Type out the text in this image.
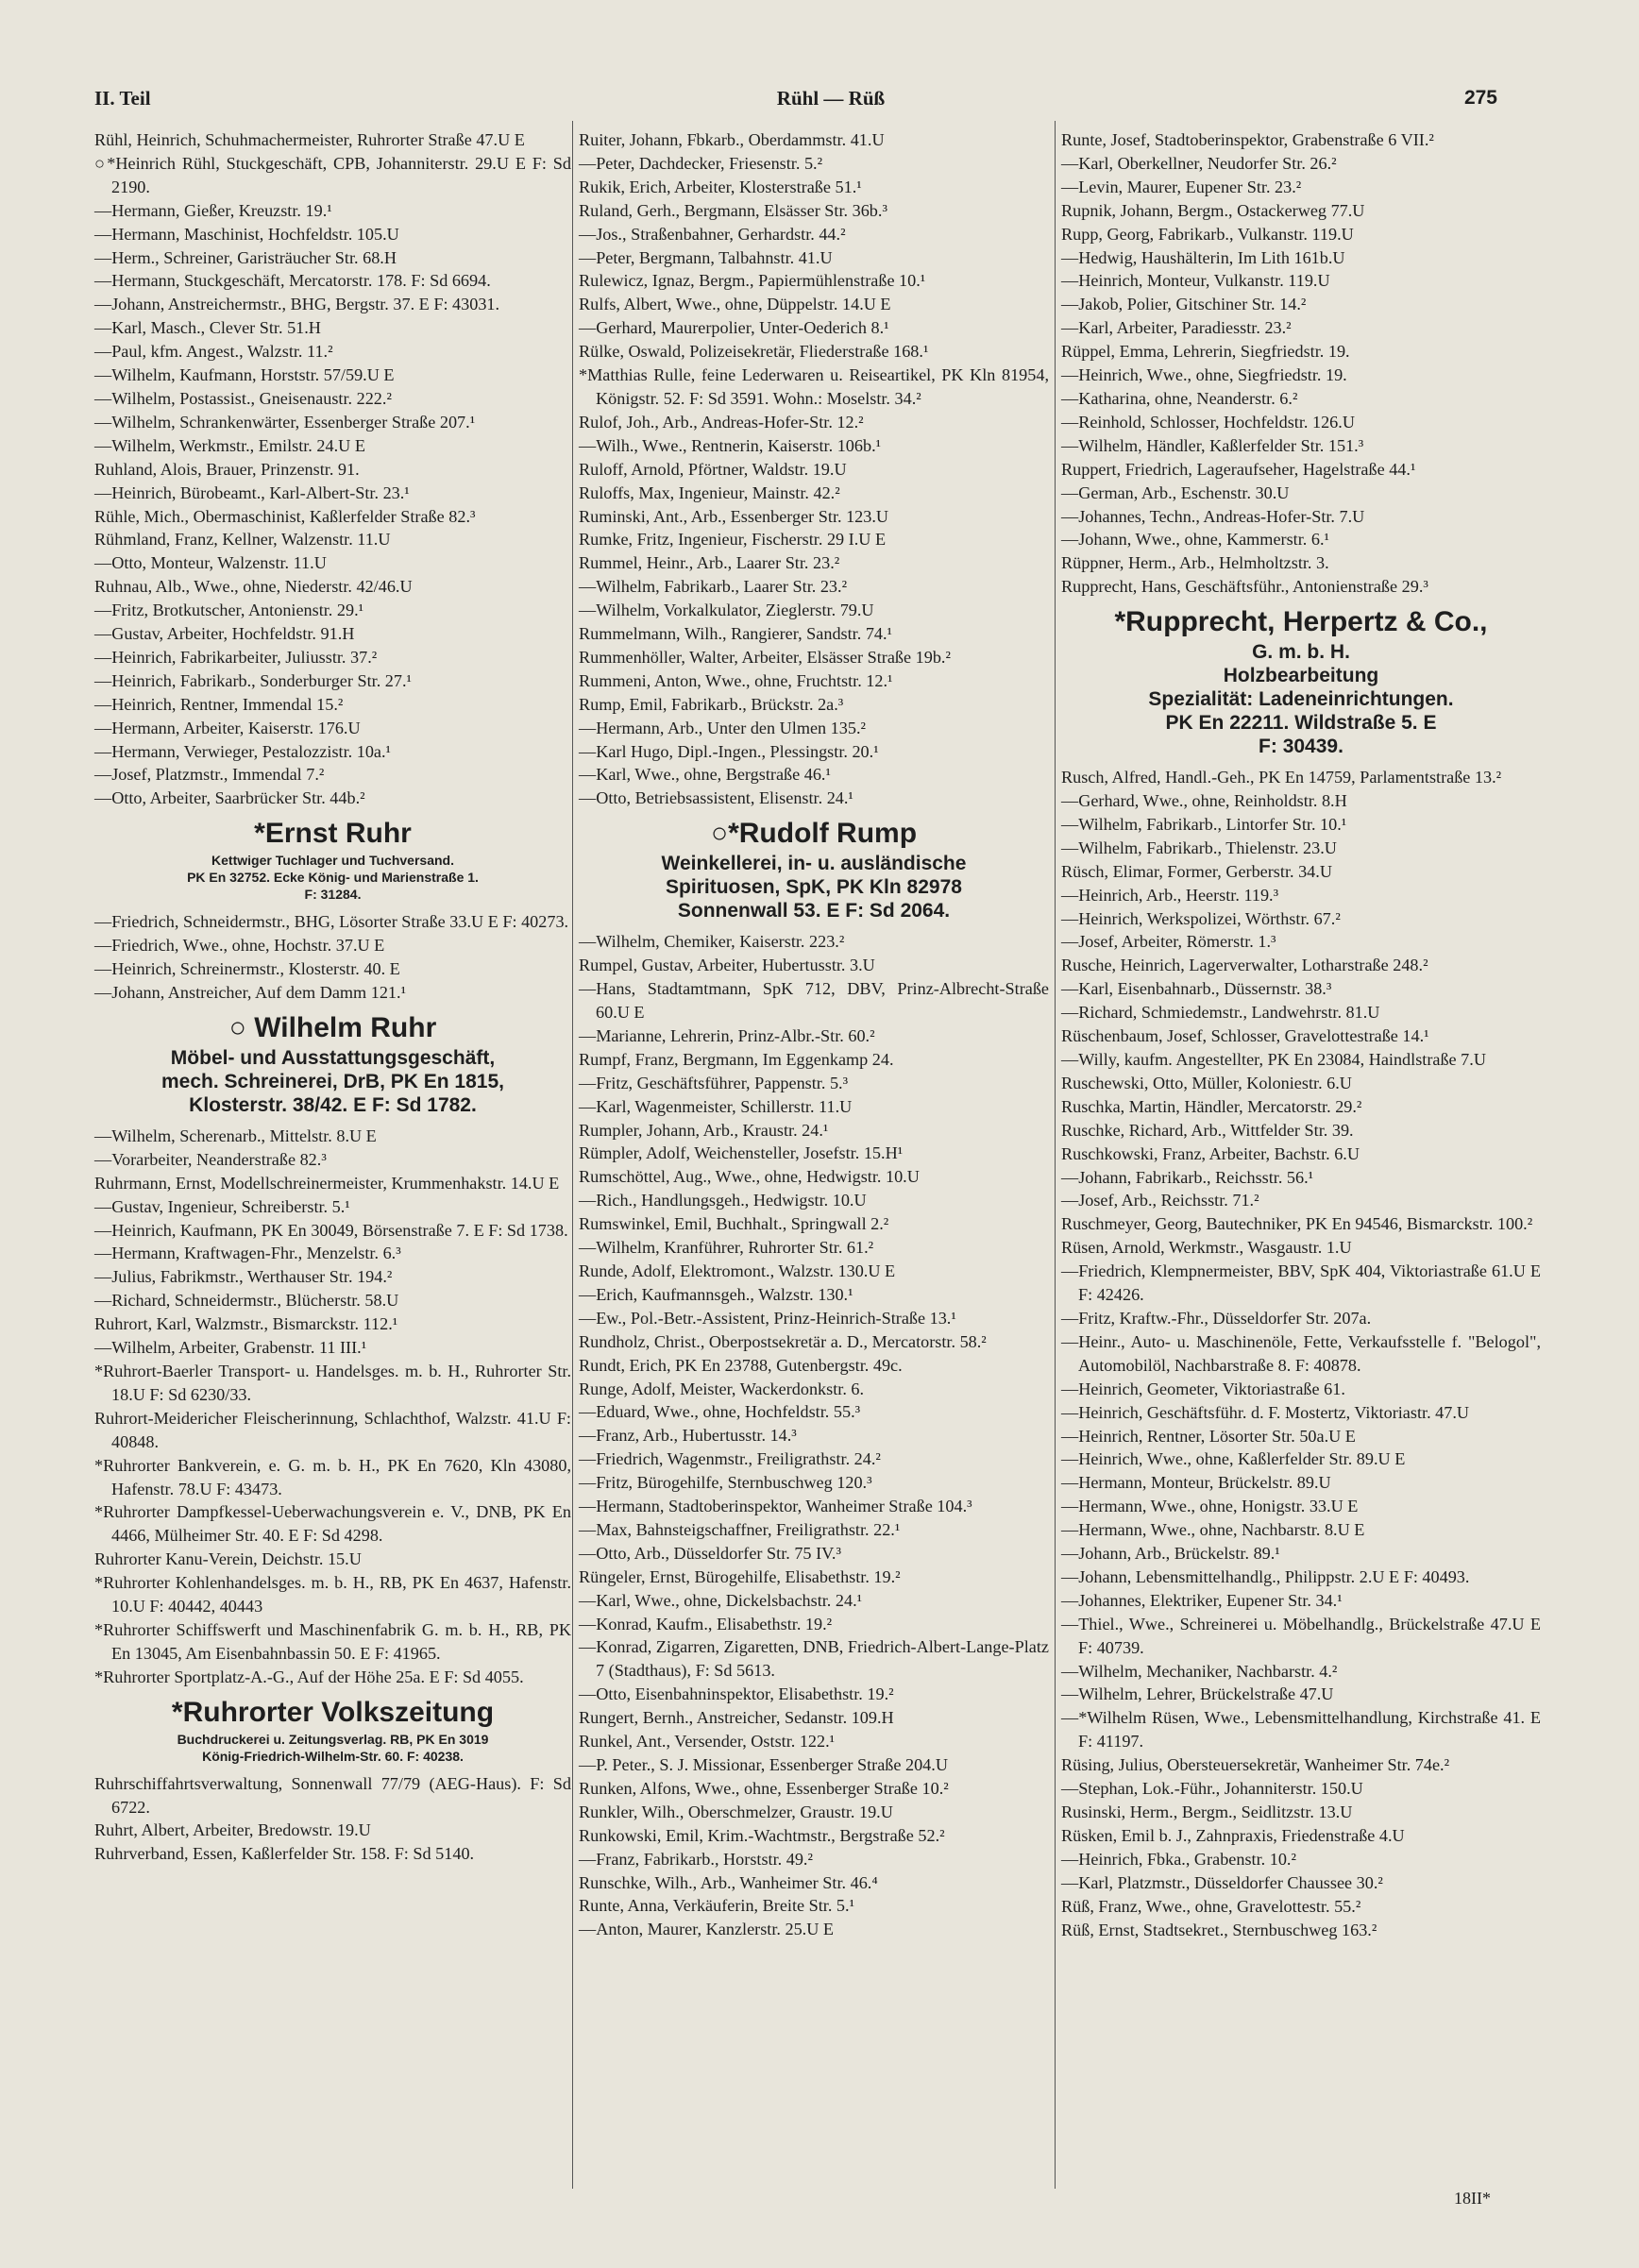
II. Teil	Rühl — Rüß	275
Rühl, Heinrich, Schuhmachermeister, Ruhrorter Straße 47.U E
○*Heinrich Rühl, Stuckgeschäft, CPB, Johanniterstr. 29.U E F: Sd 2190.
—Hermann, Gießer, Kreuzstr. 19.¹
—Hermann, Maschinist, Hochfeldstr. 105.U
—Herm., Schreiner, Garisträucher Str. 68.H
—Hermann, Stuckgeschäft, Mercatorstr. 178. F: Sd 6694.
—Johann, Anstreichermstr., BHG, Bergstr. 37. E F: 43031.
—Karl, Masch., Clever Str. 51.H
—Paul, kfm. Angest., Walzstr. 11.²
—Wilhelm, Kaufmann, Horststr. 57/59.U E
—Wilhelm, Postassist., Gneisenaustr. 222.²
—Wilhelm, Schrankenwärter, Essenberger Straße 207.¹
—Wilhelm, Werkmstr., Emilstr. 24.U E
Ruhland, Alois, Brauer, Prinzenstr. 91.
—Heinrich, Bürobeamt., Karl-Albert-Str. 23.¹
Rühle, Mich., Obermaschinist, Kaßlerfelder Straße 82.³
Rühmland, Franz, Kellner, Walzenstr. 11.U
—Otto, Monteur, Walzenstr. 11.U
Ruhnau, Alb., Wwe., ohne, Niederstr. 42/46.U
—Fritz, Brotkutscher, Antonienstr. 29.¹
—Gustav, Arbeiter, Hochfeldstr. 91.H
—Heinrich, Fabrikarbeiter, Juliusstr. 37.²
—Heinrich, Fabrikarb., Sonderburger Str. 27.¹
—Heinrich, Rentner, Immendal 15.²
—Hermann, Arbeiter, Kaiserstr. 176.U
—Hermann, Verwieger, Pestalozzistr. 10a.¹
—Josef, Platzmstr., Immendal 7.²
—Otto, Arbeiter, Saarbrücker Str. 44b.²
*Ernst Ruhr
Kettwiger Tuchlager und Tuchversand.
PK En 32752. Ecke König- und Marienstraße 1.
F: 31284.
—Friedrich, Schneidermstr., BHG, Lösorter Straße 33.U E F: 40273.
—Friedrich, Wwe., ohne, Hochstr. 37.U E
—Heinrich, Schreinermstr., Klosterstr. 40. E
—Johann, Anstreicher, Auf dem Damm 121.¹
○ Wilhelm Ruhr
Möbel- und Ausstattungsgeschäft,
mech. Schreinerei, DrB, PK En 1815,
Klosterstr. 38/42. E F: Sd 1782.
—Wilhelm, Scherenarb., Mittelstr. 8.U E
—Vorarbeiter, Neanderstraße 82.³
Ruhrmann, Ernst, Modellschreinermeister, Krummenhakstr. 14.U E
—Gustav, Ingenieur, Schreiberstr. 5.¹
—Heinrich, Kaufmann, PK En 30049, Börsenstraße 7. E F: Sd 1738.
—Hermann, Kraftwagen-Fhr., Menzelstr. 6.³
—Julius, Fabrikmstr., Werthauser Str. 194.²
—Richard, Schneidermstr., Blücherstr. 58.U
Ruhrort, Karl, Walzmstr., Bismarckstr. 112.¹
—Wilhelm, Arbeiter, Grabenstr. 11 III.¹
*Ruhrort-Baerler Transport- u. Handelsges. m. b. H., Ruhrorter Str. 18.U F: Sd 6230/33.
Ruhrort-Meidericher Fleischerinnung, Schlachthof, Walzstr. 41.U F: 40848.
*Ruhrorter Bankverein, e. G. m. b. H., PK En 7620, Kln 43080, Hafenstr. 78.U F: 43473.
*Ruhrorter Dampfkessel-Ueberwachungsverein e. V., DNB, PK En 4466, Mülheimer Str. 40. E F: Sd 4298.
Ruhrorter Kanu-Verein, Deichstr. 15.U
*Ruhrorter Kohlenhandelsges. m. b. H., RB, PK En 4637, Hafenstr. 10.U F: 40442, 40443
*Ruhrorter Schiffswerft und Maschinenfabrik G. m. b. H., RB, PK En 13045, Am Eisenbahnbassin 50. E F: 41965.
*Ruhrorter Sportplatz-A.-G., Auf der Höhe 25a. E F: Sd 4055.
*Ruhrorter Volkszeitung
Buchdruckerei u. Zeitungsverlag. RB, PK En 3019
König-Friedrich-Wilhelm-Str. 60. F: 40238.
Ruhrschiffahrtsverwaltung, Sonnenwall 77/79 (AEG-Haus). F: Sd 6722.
Ruhrt, Albert, Arbeiter, Bredowstr. 19.U
Ruhrverband, Essen, Kaßlerfelder Str. 158. F: Sd 5140.
Ruiter, Johann, Fbkarb., Oberdammstr. 41.U
—Peter, Dachdecker, Friesenstr. 5.²
Rukik, Erich, Arbeiter, Klosterstraße 51.¹
Ruland, Gerh., Bergmann, Elsässer Str. 36b.³
—Jos., Straßenbahner, Gerhardstr. 44.²
—Peter, Bergmann, Talbahnstr. 41.U
Rulewicz, Ignaz, Bergm., Papiermühlenstraße 10.¹
Rulfs, Albert, Wwe., ohne, Düppelstr. 14.U E
—Gerhard, Maurerpolier, Unter-Oederich 8.¹
Rülke, Oswald, Polizeisekretär, Fliederstraße 168.¹
*Matthias Rulle, feine Lederwaren u. Reiseartikel, PK Kln 81954, Königstr. 52. F: Sd 3591. Wohn.: Moselstr. 34.²
Rulof, Joh., Arb., Andreas-Hofer-Str. 12.²
—Wilh., Wwe., Rentnerin, Kaiserstr. 106b.¹
Ruloff, Arnold, Pförtner, Waldstr. 19.U
Ruloffs, Max, Ingenieur, Mainstr. 42.²
Ruminski, Ant., Arb., Essenberger Str. 123.U
Rumke, Fritz, Ingenieur, Fischerstr. 29 I.U E
Rummel, Heinr., Arb., Laarer Str. 23.²
—Wilhelm, Fabrikarb., Laarer Str. 23.²
—Wilhelm, Vorkalkulator, Zieglerstr. 79.U
Rummelmann, Wilh., Rangierer, Sandstr. 74.¹
Rummenhöller, Walter, Arbeiter, Elsässer Straße 19b.²
Rummeni, Anton, Wwe., ohne, Fruchtstr. 12.¹
Rump, Emil, Fabrikarb., Brückstr. 2a.³
—Hermann, Arb., Unter den Ulmen 135.²
—Karl Hugo, Dipl.-Ingen., Plessingstr. 20.¹
—Karl, Wwe., ohne, Bergstraße 46.¹
—Otto, Betriebsassistent, Elisenstr. 24.¹
○*Rudolf Rump
Weinkellerei, in- u. ausländische
Spirituosen, SpK, PK Kln 82978
Sonnenwall 53. E F: Sd 2064.
—Wilhelm, Chemiker, Kaiserstr. 223.²
Rumpel, Gustav, Arbeiter, Hubertusstr. 3.U
—Hans, Stadtamtmann, SpK 712, DBV, Prinz-Albrecht-Straße 60.U E
—Marianne, Lehrerin, Prinz-Albr.-Str. 60.²
Rumpf, Franz, Bergmann, Im Eggenkamp 24.
—Fritz, Geschäftsführer, Pappenstr. 5.³
—Karl, Wagenmeister, Schillerstr. 11.U
Rumpler, Johann, Arb., Kraustr. 24.¹
Rümpler, Adolf, Weichensteller, Josefstr. 15.H¹
Rumschöttel, Aug., Wwe., ohne, Hedwigstr. 10.U
—Rich., Handlungsgeh., Hedwigstr. 10.U
Rumswinkel, Emil, Buchhalt., Springwall 2.²
—Wilhelm, Kranführer, Ruhrorter Str. 61.²
Runde, Adolf, Elektromont., Walzstr. 130.U E
—Erich, Kaufmannsgeh., Walzstr. 130.¹
—Ew., Pol.-Betr.-Assistent, Prinz-Heinrich-Straße 13.¹
Rundholz, Christ., Oberpostsekretär a. D., Mercatorstr. 58.²
Rundt, Erich, PK En 23788, Gutenbergstr. 49c.
Runge, Adolf, Meister, Wackerdonkstr. 6.
—Eduard, Wwe., ohne, Hochfeldstr. 55.³
—Franz, Arb., Hubertusstr. 14.³
—Friedrich, Wagenmstr., Freiligrathstr. 24.²
—Fritz, Bürogehilfe, Sternbuschweg 120.³
—Hermann, Stadtoberinspektor, Wanheimer Straße 104.³
—Max, Bahnsteigschaffner, Freiligrathstr. 22.¹
—Otto, Arb., Düsseldorfer Str. 75 IV.³
Rüngeler, Ernst, Bürogehilfe, Elisabethstr. 19.²
—Karl, Wwe., ohne, Dickelsbachstr. 24.¹
—Konrad, Kaufm., Elisabethstr. 19.²
—Konrad, Zigarren, Zigaretten, DNB, Friedrich-Albert-Lange-Platz 7 (Stadthaus), F: Sd 5613.
—Otto, Eisenbahninspektor, Elisabethstr. 19.²
Rungert, Bernh., Anstreicher, Sedanstr. 109.H
Runkel, Ant., Versender, Oststr. 122.¹
—P. Peter., S. J. Missionar, Essenberger Straße 204.U
Runken, Alfons, Wwe., ohne, Essenberger Straße 10.²
Runkler, Wilh., Oberschmelzer, Graustr. 19.U
Runkowski, Emil, Krim.-Wachtmstr., Bergstraße 52.²
—Franz, Fabrikarb., Horststr. 49.²
Runschke, Wilh., Arb., Wanheimer Str. 46.⁴
Runte, Anna, Verkäuferin, Breite Str. 5.¹
—Anton, Maurer, Kanzlerstr. 25.U E
Runte, Josef, Stadtoberinspektor, Grabenstraße 6 VII.²
—Karl, Oberkellner, Neudorfer Str. 26.²
—Levin, Maurer, Eupener Str. 23.²
Rupnik, Johann, Bergm., Ostackerweg 77.U
Rupp, Georg, Fabrikarb., Vulkanstr. 119.U
—Hedwig, Haushälterin, Im Lith 161b.U
—Heinrich, Monteur, Vulkanstr. 119.U
—Jakob, Polier, Gitschiner Str. 14.²
—Karl, Arbeiter, Paradiesstr. 23.²
Rüppel, Emma, Lehrerin, Siegfriedstr. 19.
—Heinrich, Wwe., ohne, Siegfriedstr. 19.
—Katharina, ohne, Neanderstr. 6.²
—Reinhold, Schlosser, Hochfeldstr. 126.U
—Wilhelm, Händler, Kaßlerfelder Str. 151.³
Ruppert, Friedrich, Lageraufseher, Hagelstraße 44.¹
—German, Arb., Eschenstr. 30.U
—Johannes, Techn., Andreas-Hofer-Str. 7.U
—Johann, Wwe., ohne, Kammerstr. 6.¹
Rüppner, Herm., Arb., Helmholtzstr. 3.
Rupprecht, Hans, Geschäftsführ., Antonienstraße 29.³
*Rupprecht, Herpertz & Co.,
G. m. b. H.
Holzbearbeitung
Spezialität: Ladeneinrichtungen.
PK En 22211. Wildstraße 5. E
F: 30439.
Rusch, Alfred, Handl.-Geh., PK En 14759, Parlamentstraße 13.²
—Gerhard, Wwe., ohne, Reinholdstr. 8.H
—Wilhelm, Fabrikarb., Lintorfer Str. 10.¹
—Wilhelm, Fabrikarb., Thielenstr. 23.U
Rüsch, Elimar, Former, Gerberstr. 34.U
—Heinrich, Arb., Heerstr. 119.³
—Heinrich, Werkspolizei, Wörthstr. 67.²
—Josef, Arbeiter, Römerstr. 1.³
Rusche, Heinrich, Lagerverwalter, Lotharstraße 248.²
—Karl, Eisenbahnarb., Düssernstr. 38.³
—Richard, Schmiedemstr., Landwehrstr. 81.U
Rüschenbaum, Josef, Schlosser, Gravelottestraße 14.¹
—Willy, kaufm. Angestellter, PK En 23084, Haindlstraße 7.U
Ruschewski, Otto, Müller, Koloniestr. 6.U
Ruschka, Martin, Händler, Mercatorstr. 29.²
Ruschke, Richard, Arb., Wittfelder Str. 39.
Ruschkowski, Franz, Arbeiter, Bachstr. 6.U
—Johann, Fabrikarb., Reichsstr. 56.¹
—Josef, Arb., Reichsstr. 71.²
Ruschmeyer, Georg, Bautechniker, PK En 94546, Bismarckstr. 100.²
Rüsen, Arnold, Werkmstr., Wasgaustr. 1.U
—Friedrich, Klempnermeister, BBV, SpK 404, Viktoriastraße 61.U E F: 42426.
—Fritz, Kraftw.-Fhr., Düsseldorfer Str. 207a.
—Heinr., Auto- u. Maschinenöle, Fette, Verkaufsstelle f. "Belogol", Automobilöl, Nachbarstraße 8. F: 40878.
—Heinrich, Geometer, Viktoriastraße 61.
—Heinrich, Geschäftsführ. d. F. Mostertz, Viktoriastr. 47.U
—Heinrich, Rentner, Lösorter Str. 50a.U E
—Heinrich, Wwe., ohne, Kaßlerfelder Str. 89.U E
—Hermann, Monteur, Brückelstr. 89.U
—Hermann, Wwe., ohne, Honigstr. 33.U E
—Hermann, Wwe., ohne, Nachbarstr. 8.U E
—Johann, Arb., Brückelstr. 89.¹
—Johann, Lebensmittelhandlg., Philippstr. 2.U E F: 40493.
—Johannes, Elektriker, Eupener Str. 34.¹
—Thiel., Wwe., Schreinerei u. Möbelhandlg., Brückelstraße 47.U E F: 40739.
—Wilhelm, Mechaniker, Nachbarstr. 4.²
—Wilhelm, Lehrer, Brückelstraße 47.U
—*Wilhelm Rüsen, Wwe., Lebensmittelhandlung, Kirchstraße 41. E F: 41197.
Rüsing, Julius, Obersteuersekretär, Wanheimer Str. 74e.²
—Stephan, Lok.-Führ., Johanniterstr. 150.U
Rusinski, Herm., Bergm., Seidlitzstr. 13.U
Rüsken, Emil b. J., Zahnpraxis, Friedenstraße 4.U
—Heinrich, Fbka., Grabenstr. 10.²
—Karl, Platzmstr., Düsseldorfer Chaussee 30.²
Rüß, Franz, Wwe., ohne, Gravelottestr. 55.²
Rüß, Ernst, Stadtsekret., Sternbuschweg 163.²
18II*
